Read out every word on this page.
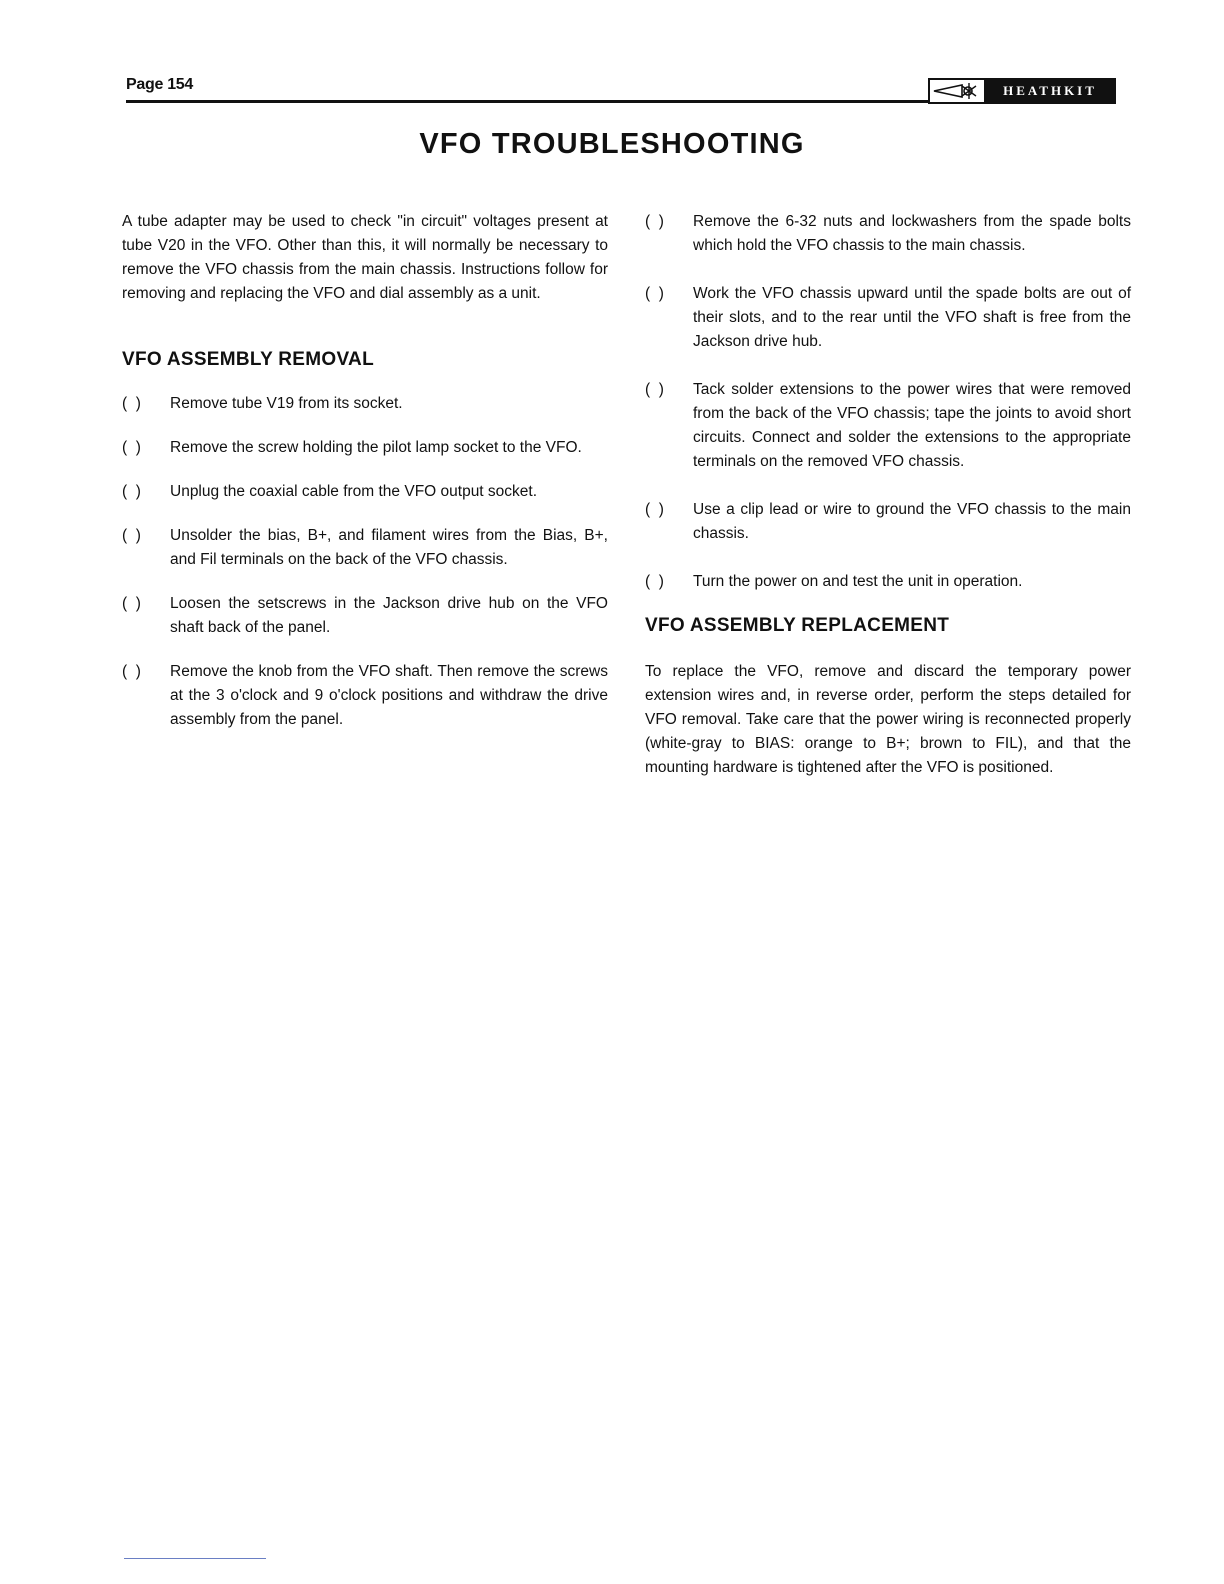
Page 154	HEATHKIT
VFO TROUBLESHOOTING

A tube adapter may be used to check "in circuit" voltages present at tube V20 in the VFO. Other than this, it will normally be necessary to remove the VFO chassis from the main chassis. Instructions follow for removing and replacing the VFO and dial assembly as a unit.

VFO ASSEMBLY REMOVAL

(  )	Remove tube V19 from its socket.
(  )	Remove the screw holding the pilot lamp socket to the VFO.
(  )	Unplug the coaxial cable from the VFO output socket.
(  )	Unsolder the bias, B+, and filament wires from the Bias, B+, and Fil terminals on the back of the VFO chassis.
(  )	Loosen the setscrews in the Jackson drive hub on the VFO shaft back of the panel.
(  )	Remove the knob from the VFO shaft. Then remove the screws at the 3 o'clock and 9 o'clock positions and withdraw the drive assembly from the panel.
(  )	Remove the 6-32 nuts and lockwashers from the spade bolts which hold the VFO chassis to the main chassis.
(  )	Work the VFO chassis upward until the spade bolts are out of their slots, and to the rear until the VFO shaft is free from the Jackson drive hub.
(  )	Tack solder extensions to the power wires that were removed from the back of the VFO chassis; tape the joints to avoid short circuits. Connect and solder the extensions to the appropriate terminals on the removed VFO chassis.
(  )	Use a clip lead or wire to ground the VFO chassis to the main chassis.
(  )	Turn the power on and test the unit in operation.

VFO ASSEMBLY REPLACEMENT

To replace the VFO, remove and discard the temporary power extension wires and, in reverse order, perform the steps detailed for VFO removal. Take care that the power wiring is reconnected properly (white-gray to BIAS: orange to B+; brown to FIL), and that the mounting hardware is tightened after the VFO is positioned.
